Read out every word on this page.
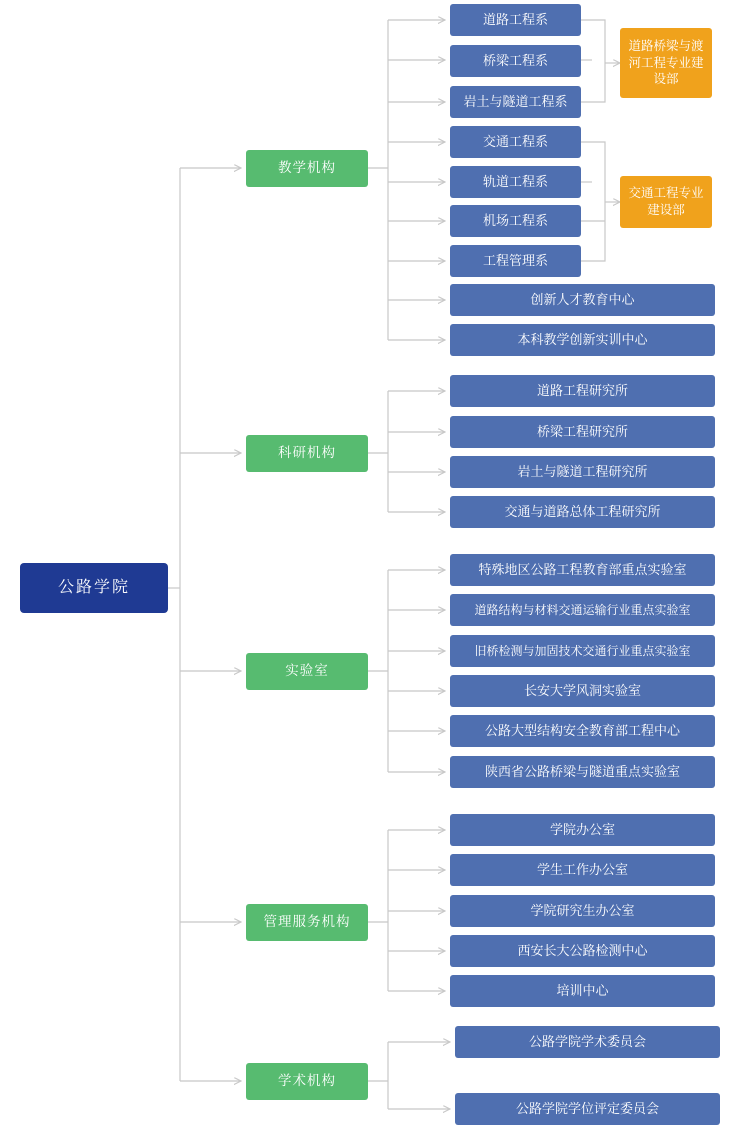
公路学院
教学机构
道路工程系
桥梁工程系
岩土与隧道工程系
交通工程系
轨道工程系
机场工程系
工程管理系
创新人才教育中心
本科教学创新实训中心
道路桥梁与渡河工程专业建设部
交通工程专业建设部
科研机构
道路工程研究所
桥梁工程研究所
岩土与隧道工程研究所
交通与道路总体工程研究所
实验室
特殊地区公路工程教育部重点实验室
道路结构与材料交通运输行业重点实验室
旧桥检测与加固技术交通行业重点实验室
长安大学风洞实验室
公路大型结构安全教育部工程中心
陕西省公路桥梁与隧道重点实验室
管理服务机构
学院办公室
学生工作办公室
学院研究生办公室
西安长大公路检测中心
培训中心
学术机构
公路学院学术委员会
公路学院学位评定委员会
